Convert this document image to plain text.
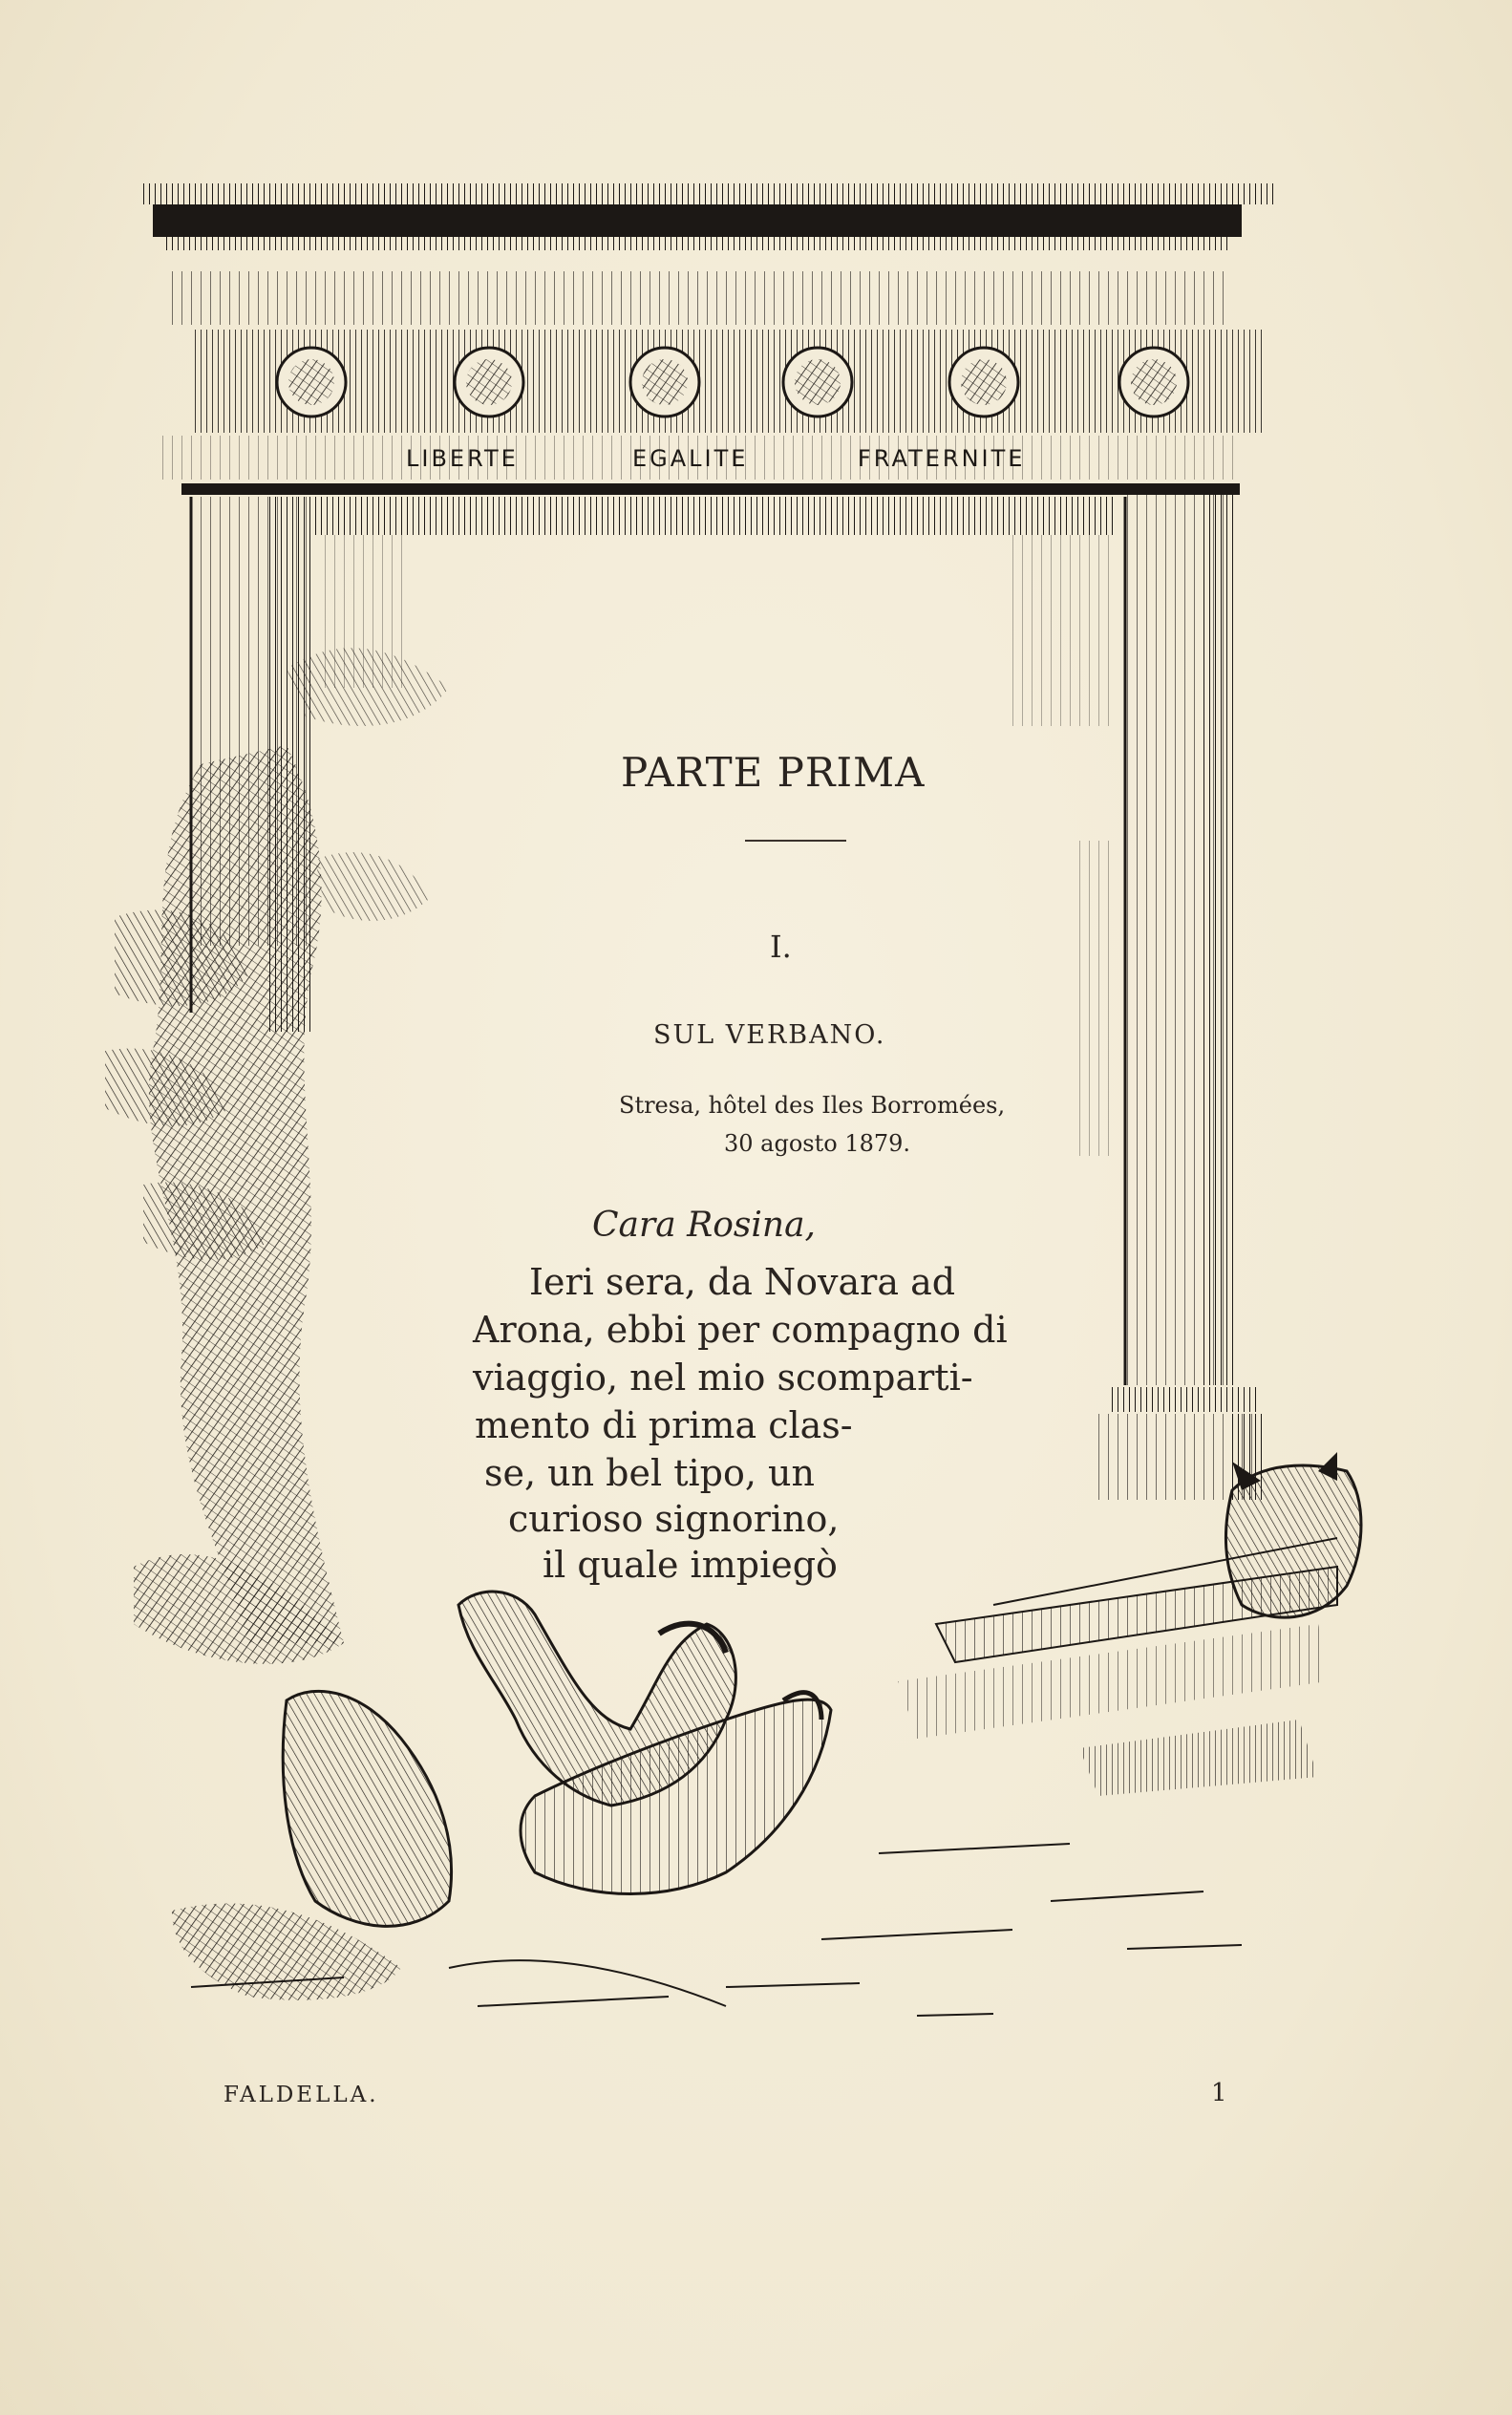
LIBERTE	EGALITE	FRATERNITE
PARTE PRIMA
I.
SUL VERBANO.
Stresa, hôtel des Iles Borromées,
30 agosto 1879.
Cara Rosina,
Ieri sera, da Novara ad
Arona, ebbi per compagno di
viaggio, nel mio scomparti-
mento di prima clas-
se, un bel tipo, un
curioso signorino,
il quale impiegò
FALDELLA.	1
